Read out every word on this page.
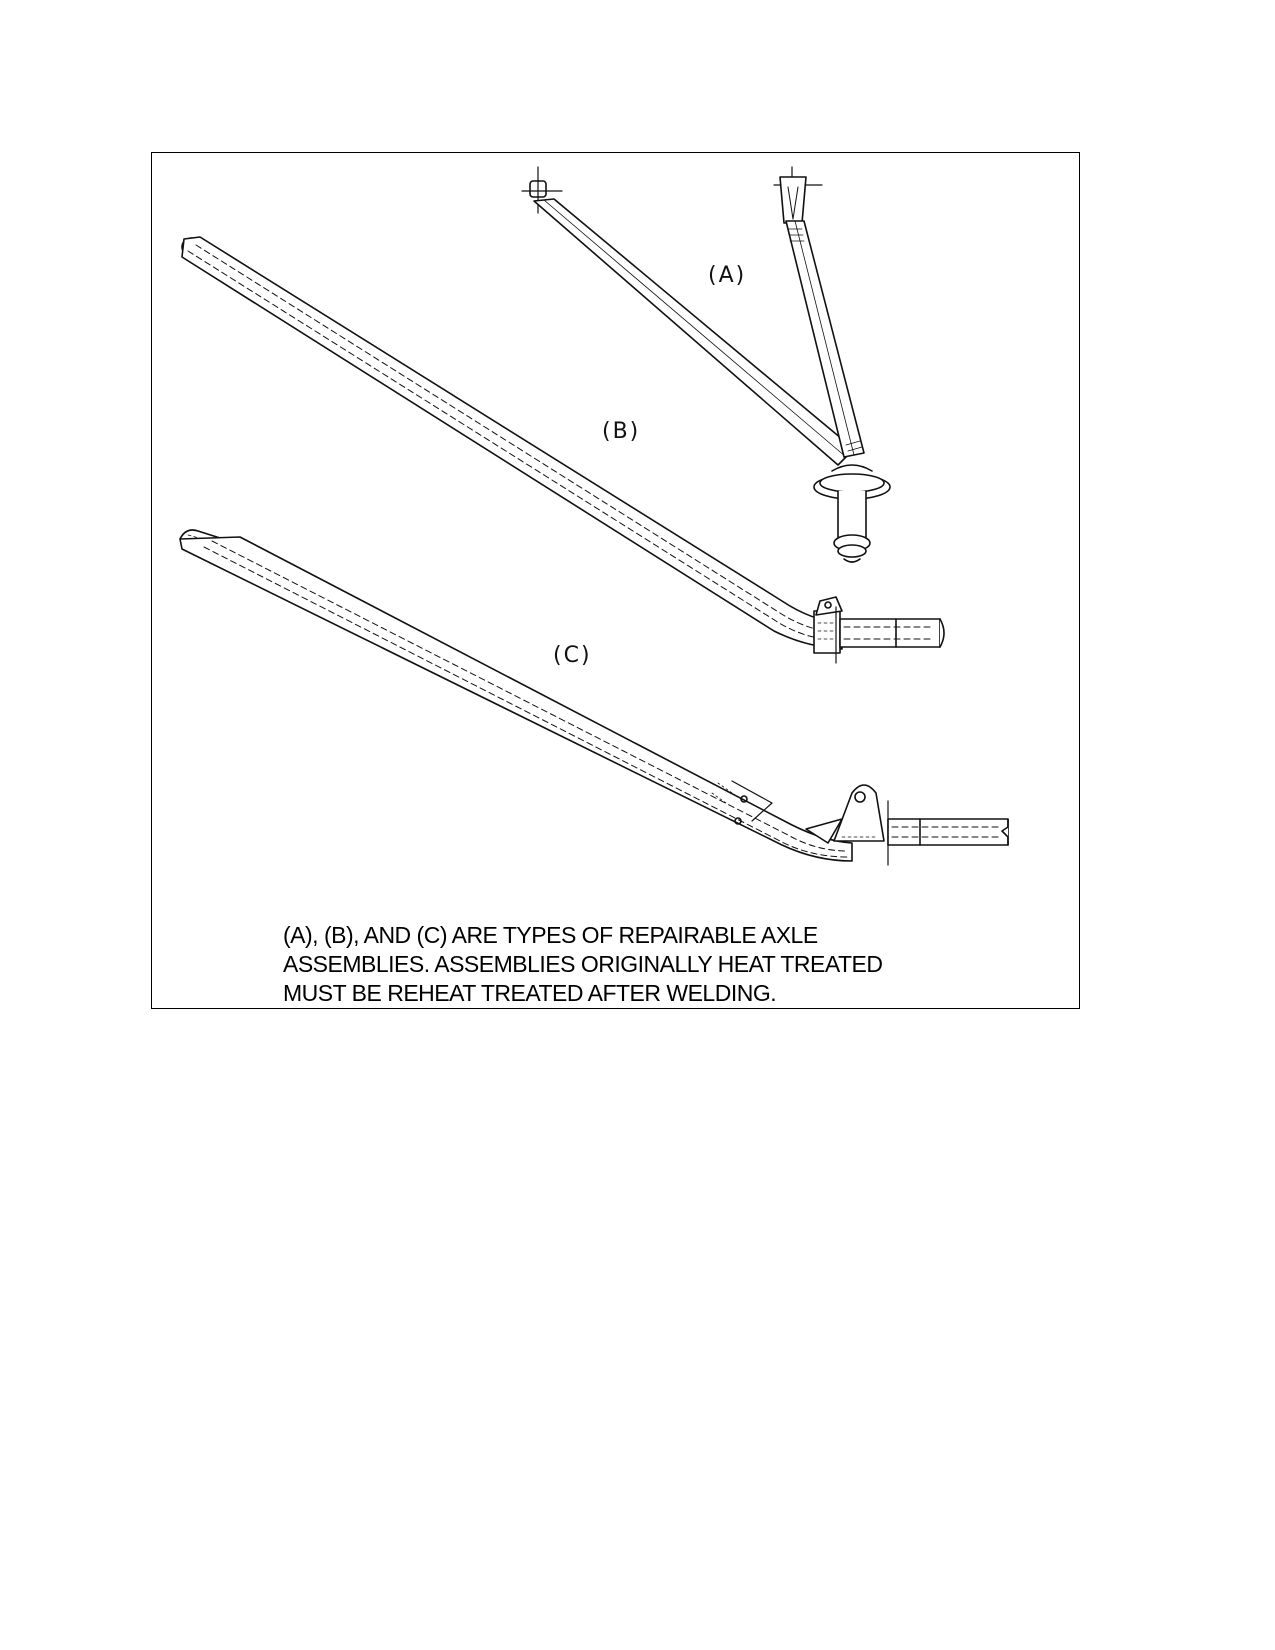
(A)
(B)
(C)
(A), (B), AND (C) ARE TYPES OF REPAIRABLE AXLE
ASSEMBLIES. ASSEMBLIES ORIGINALLY HEAT TREATED
MUST BE REHEAT TREATED AFTER WELDING.
